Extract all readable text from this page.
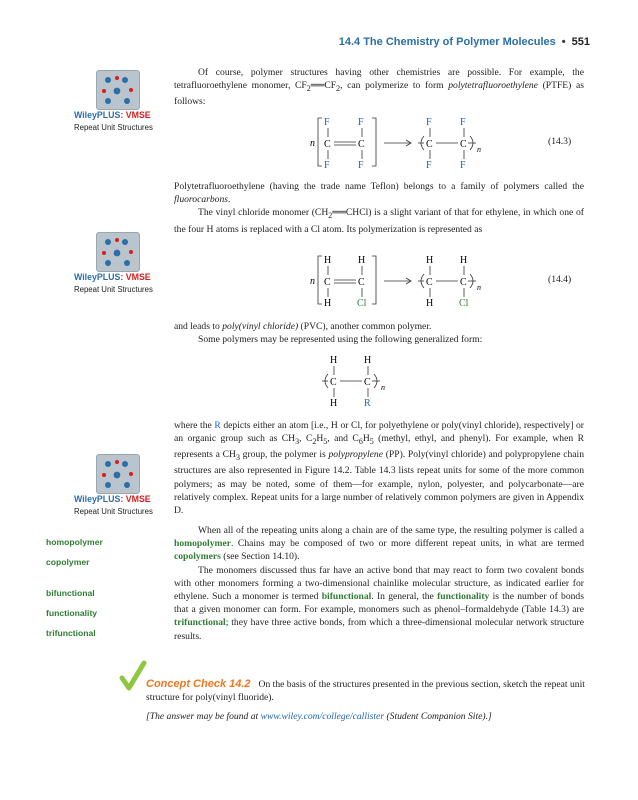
14.4 The Chemistry of Polymer Molecules • 551
WileyPLUS: VMSE
Repeat Unit Structures
WileyPLUS: VMSE
Repeat Unit Structures
WileyPLUS: VMSE
Repeat Unit Structures
homopolymer
copolymer
bifunctional
functionality
trifunctional

Of course, polymer structures having other chemistries are possible. For example, the tetrafluoroethylene monomer, $CF_2══CF_2$, can polymerize to form polytetrafluoroethylene (PTFE) as follows:

n
F	F
C	C
F	F
F	F
C	C n
F	F
(14.3)

Polytetrafluoroethylene (having the trade name Teflon) belongs to a family of polymers called the fluorocarbons.

The vinyl chloride monomer $(CH_2══CHCl)$ is a slight variant of that for ethylene, in which one of the four H atoms is replaced with a Cl atom. Its polymerization is represented as

n
H	H
C	C
H	Cl
H	H
C	C n
H	Cl
(14.4)

and leads to poly(vinyl chloride) (PVC), another common polymer.

Some polymers may be represented using the following generalized form:

H	H
C	C n
H	R

where the R depicts either an atom [i.e., H or Cl, for polyethylene or poly(vinyl chloride), respectively] or an organic group such as $CH_3$, $C_2H_5$, and $C_6H_5$ (methyl, ethyl, and phenyl). For example, when R represents a $CH_3$ group, the polymer is polypropylene (PP). Poly(vinyl chloride) and polypropylene chain structures are also represented in Figure 14.2. Table 14.3 lists repeat units for some of the more common polymers; as may be noted, some of them—for example, nylon, polyester, and polycarbonate—are relatively complex. Repeat units for a large number of relatively common polymers are given in Appendix D.

When all of the repeating units along a chain are of the same type, the resulting polymer is called a homopolymer. Chains may be composed of two or more different repeat units, in what are termed copolymers (see Section 14.10).

The monomers discussed thus far have an active bond that may react to form two covalent bonds with other monomers forming a two-dimensional chainlike molecular structure, as indicated earlier for ethylene. Such a monomer is termed bifunctional. In general, the functionality is the number of bonds that a given monomer can form. For example, monomers such as phenol–formaldehyde (Table 14.3) are trifunctional; they have three active bonds, from which a three-dimensional molecular network structure results.

Concept Check 14.2 On the basis of the structures presented in the previous section, sketch the repeat unit structure for poly(vinyl fluoride).
[The answer may be found at www.wiley.com/college/callister (Student Companion Site).]
